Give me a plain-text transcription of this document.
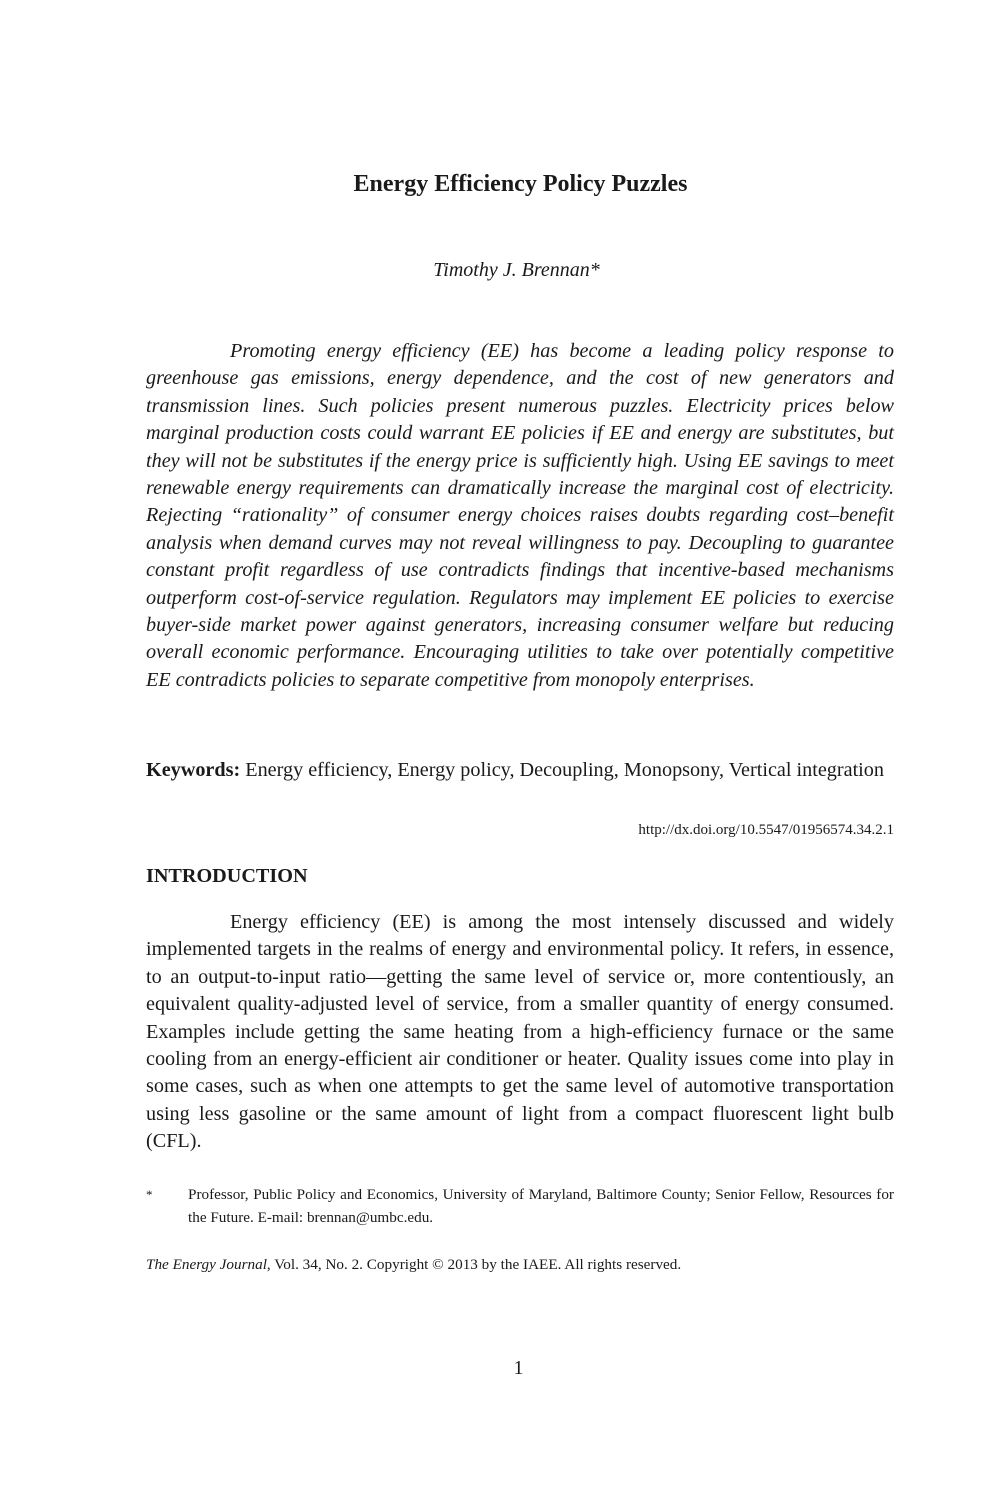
Energy Efficiency Policy Puzzles
Timothy J. Brennan*

Promoting energy efficiency (EE) has become a leading policy response to greenhouse gas emissions, energy dependence, and the cost of new generators and transmission lines. Such policies present numerous puzzles. Electricity prices below marginal production costs could warrant EE policies if EE and energy are substitutes, but they will not be substitutes if the energy price is sufficiently high. Using EE savings to meet renewable energy requirements can dramatically increase the marginal cost of electricity. Rejecting “rationality” of consumer energy choices raises doubts regarding cost–benefit analysis when demand curves may not reveal willingness to pay. Decoupling to guarantee constant profit regardless of use contradicts findings that incentive-based mechanisms outperform cost-of-service regulation. Regulators may implement EE policies to exercise buyer-side market power against generators, increasing consumer welfare but reducing overall economic performance. Encouraging utilities to take over potentially competitive EE contradicts policies to separate competitive from monopoly enterprises.

Keywords: Energy efficiency, Energy policy, Decoupling, Monopsony, Vertical integration

http://dx.doi.org/10.5547/01956574.34.2.1
INTRODUCTION

Energy efficiency (EE) is among the most intensely discussed and widely implemented targets in the realms of energy and environmental policy. It refers, in essence, to an output-to-input ratio—getting the same level of service or, more contentiously, an equivalent quality-adjusted level of service, from a smaller quantity of energy consumed. Examples include getting the same heating from a high-efficiency furnace or the same cooling from an energy-efficient air conditioner or heater. Quality issues come into play in some cases, such as when one attempts to get the same level of automotive transportation using less gasoline or the same amount of light from a compact fluorescent light bulb (CFL).

* Professor, Public Policy and Economics, University of Maryland, Baltimore County; Senior Fellow, Resources for the Future. E-mail: brennan@umbc.edu.
The Energy Journal, Vol. 34, No. 2. Copyright © 2013 by the IAEE. All rights reserved.
1
